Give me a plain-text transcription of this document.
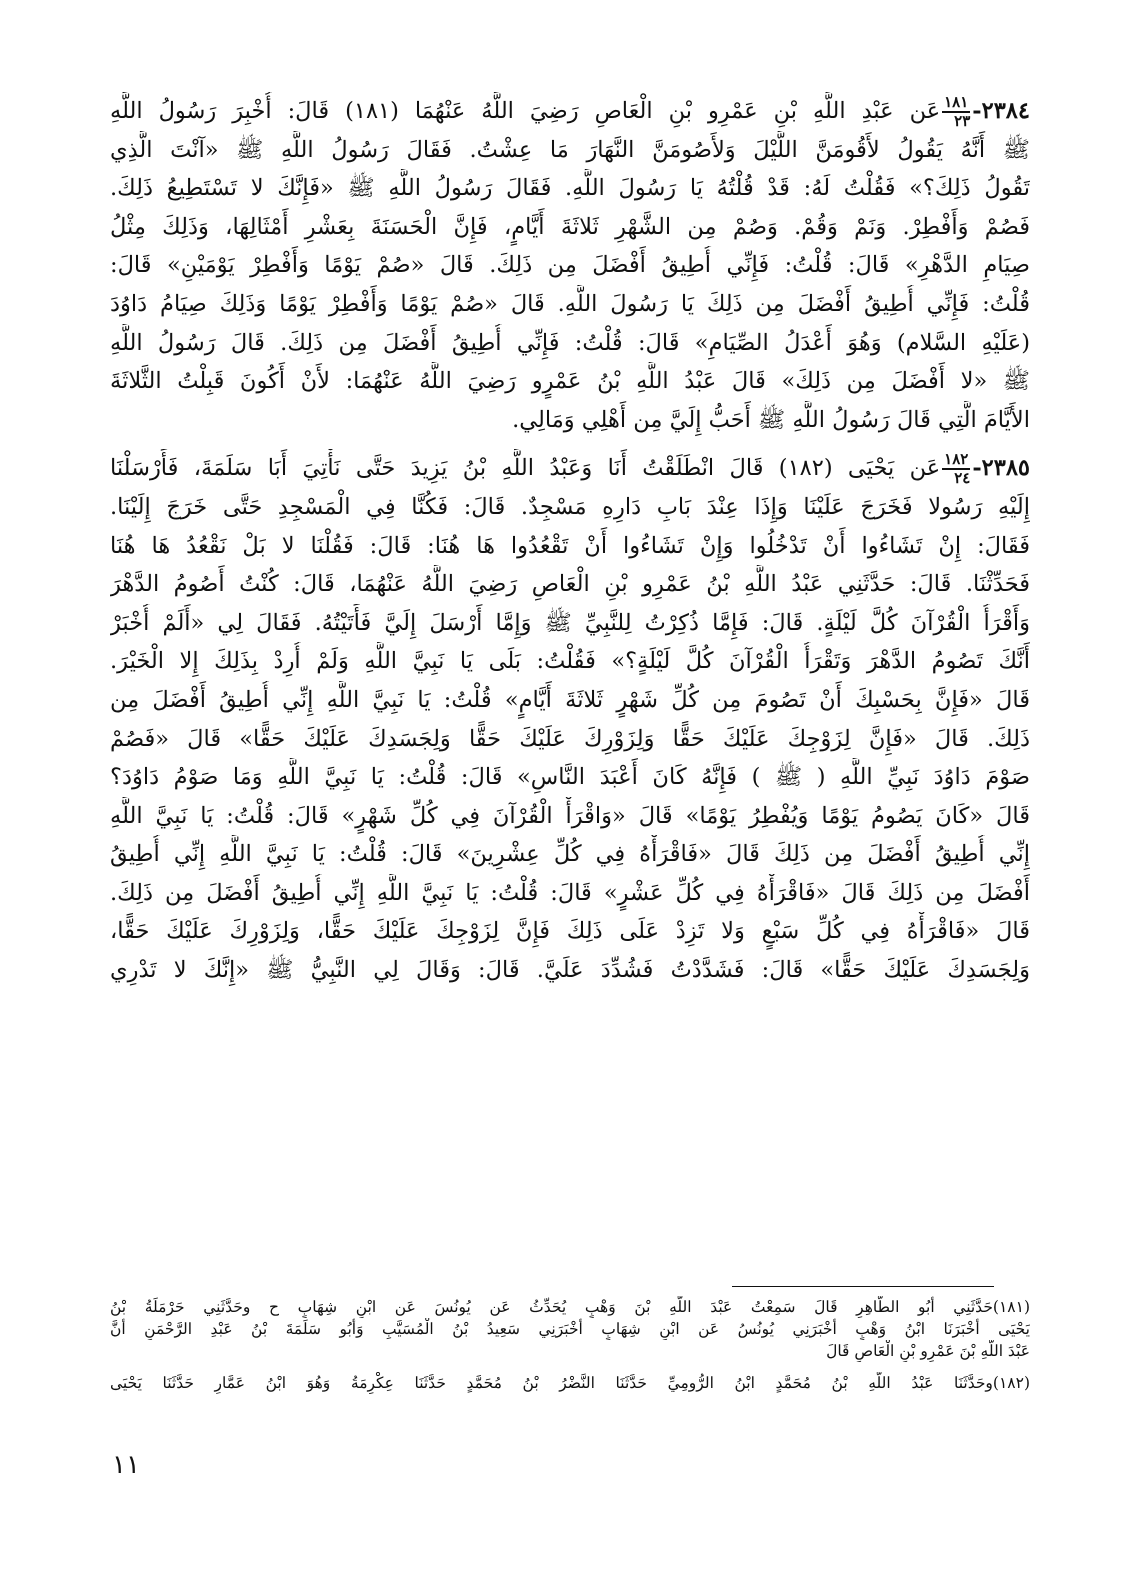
٢٣٨٤-
$\frac{١٨١}{٢٣}$
عَن عَبْدِ اللَّهِ بْنِ عَمْرِو بْنِ الْعَاصِ رَضِيَ اللَّهُ عَنْهُمَا (١٨١) قَالَ: أُخْبِرَ رَسُولُ اللَّهِ
ﷺ أَنَّهُ يَقُولُ لأَقُومَنَّ اللَّيْلَ وَلأَصُومَنَّ النَّهَارَ مَا عِشْتُ. فَقَالَ رَسُولُ اللَّهِ ﷺ «آنْتَ الَّذِي
تَقُولُ ذَلِكَ؟» فَقُلْتُ لَهُ: قَدْ قُلْتُهُ يَا رَسُولَ اللَّهِ. فَقَالَ رَسُولُ اللَّهِ ﷺ «فَإِنَّكَ لا تَسْتَطِيعُ ذَلِكَ.
فَصُمْ وَأَفْطِرْ. وَنَمْ وَقُمْ. وَصُمْ مِن الشَّهْرِ ثَلاثَةَ أَيَّامٍ، فَإِنَّ الْحَسَنَةَ بِعَشْرِ أَمْثَالِهَا، وَذَلِكَ مِثْلُ
صِيَامِ الدَّهْرِ» قَالَ: قُلْتُ: فَإِنِّي أُطِيقُ أَفْضَلَ مِن ذَلِكَ. قَالَ «صُمْ يَوْمًا وَأَفْطِرْ يَوْمَيْنِ» قَالَ:
قُلْتُ: فَإِنِّي أُطِيقُ أَفْضَلَ مِن ذَلِكَ يَا رَسُولَ اللَّهِ. قَالَ «صُمْ يَوْمًا وَأَفْطِرْ يَوْمًا وَذَلِكَ صِيَامُ دَاوُدَ
(عَلَيْهِ السَّلام) وَهُوَ أَعْدَلُ الصِّيَامِ» قَالَ: قُلْتُ: فَإِنِّي أُطِيقُ أَفْضَلَ مِن ذَلِكَ. قَالَ رَسُولُ اللَّهِ
ﷺ «لا أَفْضَلَ مِن ذَلِكَ» قَالَ عَبْدُ اللَّهِ بْنُ عَمْرٍو رَضِيَ اللَّهُ عَنْهُمَا: لأَنْ أَكُونَ قَبِلْتُ الثَّلاثَةَ
الأَيَّامَ الَّتِي قَالَ رَسُولُ اللَّهِ ﷺ أَحَبُّ إِلَيَّ مِن أَهْلِي وَمَالِي.
٢٣٨٥-
$\frac{١٨٢}{٢٤}$
عَن يَحْيَى (١٨٢) قَالَ انْطَلَقْتُ أَنَا وَعَبْدُ اللَّهِ بْنُ يَزِيدَ حَتَّى نَأْتِيَ أَبَا سَلَمَةَ، فَأَرْسَلْنَا
إِلَيْهِ رَسُولا فَخَرَجَ عَلَيْنَا وَإِذَا عِنْدَ بَابِ دَارِهِ مَسْجِدٌ. قَالَ: فَكُنَّا فِي الْمَسْجِدِ حَتَّى خَرَجَ إِلَيْنَا.
فَقَالَ: إِنْ تَشَاءُوا أَنْ تَدْخُلُوا وَإِنْ تَشَاءُوا أَنْ تَقْعُدُوا هَا هُنَا: قَالَ: فَقُلْنَا لا بَلْ نَقْعُدُ هَا هُنَا
فَحَدِّثْنَا. قَالَ: حَدَّثَنِي عَبْدُ اللَّهِ بْنُ عَمْرِو بْنِ الْعَاصِ رَضِيَ اللَّهُ عَنْهُمَا، قَالَ: كُنْتُ أَصُومُ الدَّهْرَ
وَأَقْرَأُ الْقُرْآنَ كُلَّ لَيْلَةٍ. قَالَ: فَإِمَّا ذُكِرْتُ لِلنَّبِيِّ ﷺ وَإِمَّا أَرْسَلَ إِلَيَّ فَأَتَيْتُهُ. فَقَالَ لِي «أَلَمْ أُخْبَرْ
أَنَّكَ تَصُومُ الدَّهْرَ وَتَقْرَأُ الْقُرْآنَ كُلَّ لَيْلَةٍ؟» فَقُلْتُ: بَلَى يَا نَبِيَّ اللَّهِ وَلَمْ أُرِدْ بِذَلِكَ إِلا الْخَيْرَ.
قَالَ «فَإِنَّ بِحَسْبِكَ أَنْ تَصُومَ مِن كُلِّ شَهْرٍ ثَلاثَةَ أَيَّامٍ» قُلْتُ: يَا نَبِيَّ اللَّهِ إِنِّي أُطِيقُ أَفْضَلَ مِن
ذَلِكَ. قَالَ «فَإِنَّ لِزَوْجِكَ عَلَيْكَ حَقًّا وَلِزَوْرِكَ عَلَيْكَ حَقًّا وَلِجَسَدِكَ عَلَيْكَ حَقًّا» قَالَ «فَصُمْ
صَوْمَ دَاوُدَ نَبِيِّ اللَّهِ ( ﷺ ) فَإِنَّهُ كَانَ أَعْبَدَ النَّاسِ» قَالَ: قُلْتُ: يَا نَبِيَّ اللَّهِ وَمَا صَوْمُ دَاوُدَ؟
قَالَ «كَانَ يَصُومُ يَوْمًا وَيُفْطِرُ يَوْمًا» قَالَ «وَاقْرَأْ الْقُرْآنَ فِي كُلِّ شَهْرٍ» قَالَ: قُلْتُ: يَا نَبِيَّ اللَّهِ
إِنِّي أُطِيقُ أَفْضَلَ مِن ذَلِكَ قَالَ «فَاقْرَأْهُ فِي كُلِّ عِشْرِينَ» قَالَ: قُلْتُ: يَا نَبِيَّ اللَّهِ إِنِّي أُطِيقُ
أَفْضَلَ مِن ذَلِكَ قَالَ «فَاقْرَأْهُ فِي كُلِّ عَشْرٍ» قَالَ: قُلْتُ: يَا نَبِيَّ اللَّهِ إِنِّي أُطِيقُ أَفْضَلَ مِن ذَلِكَ.
قَالَ «فَاقْرَأْهُ فِي كُلِّ سَبْعٍ وَلا تَزِدْ عَلَى ذَلِكَ فَإِنَّ لِزَوْجِكَ عَلَيْكَ حَقًّا، وَلِزَوْرِكَ عَلَيْكَ حَقًّا،
وَلِجَسَدِكَ عَلَيْكَ حَقًّا» قَالَ: فَشَدَّدْتُ فَشُدِّدَ عَلَيَّ. قَالَ: وَقَالَ لِي النَّبِيُّ ﷺ «إِنَّكَ لا تَدْرِي
(١٨١)حَدَّثَنِي أَبُو الطَّاهِرِ قَالَ سَمِعْتُ عَبْدَ اللَّهِ بْنَ وَهْبٍ يُحَدِّثُ عَن يُونُسَ عَن ابْنِ شِهَابٍ ح وحَدَّثَنِي حَرْمَلَةُ بْنُ
يَحْيَى أَخْبَرَنَا ابْنُ وَهْبٍ أَخْبَرَنِي يُونُسُ عَن ابْنِ شِهَابٍ أَخْبَرَنِي سَعِيدُ بْنُ الْمُسَيَّبِ وَأَبُو سَلَمَةَ بْنُ عَبْدِ الرَّحْمَنِ أَنَّ
عَبْدَ اللَّهِ بْنَ عَمْرِو بْنِ الْعَاصِ قَالَ
(١٨٢)وحَدَّثَنَا عَبْدُ اللَّهِ بْنُ مُحَمَّدٍ ابْنُ الرُّومِيِّ حَدَّثَنَا النَّضْرُ بْنُ مُحَمَّدٍ حَدَّثَنَا عِكْرِمَةُ وَهُوَ ابْنُ عَمَّارٍ حَدَّثَنَا يَحْيَى
١١
